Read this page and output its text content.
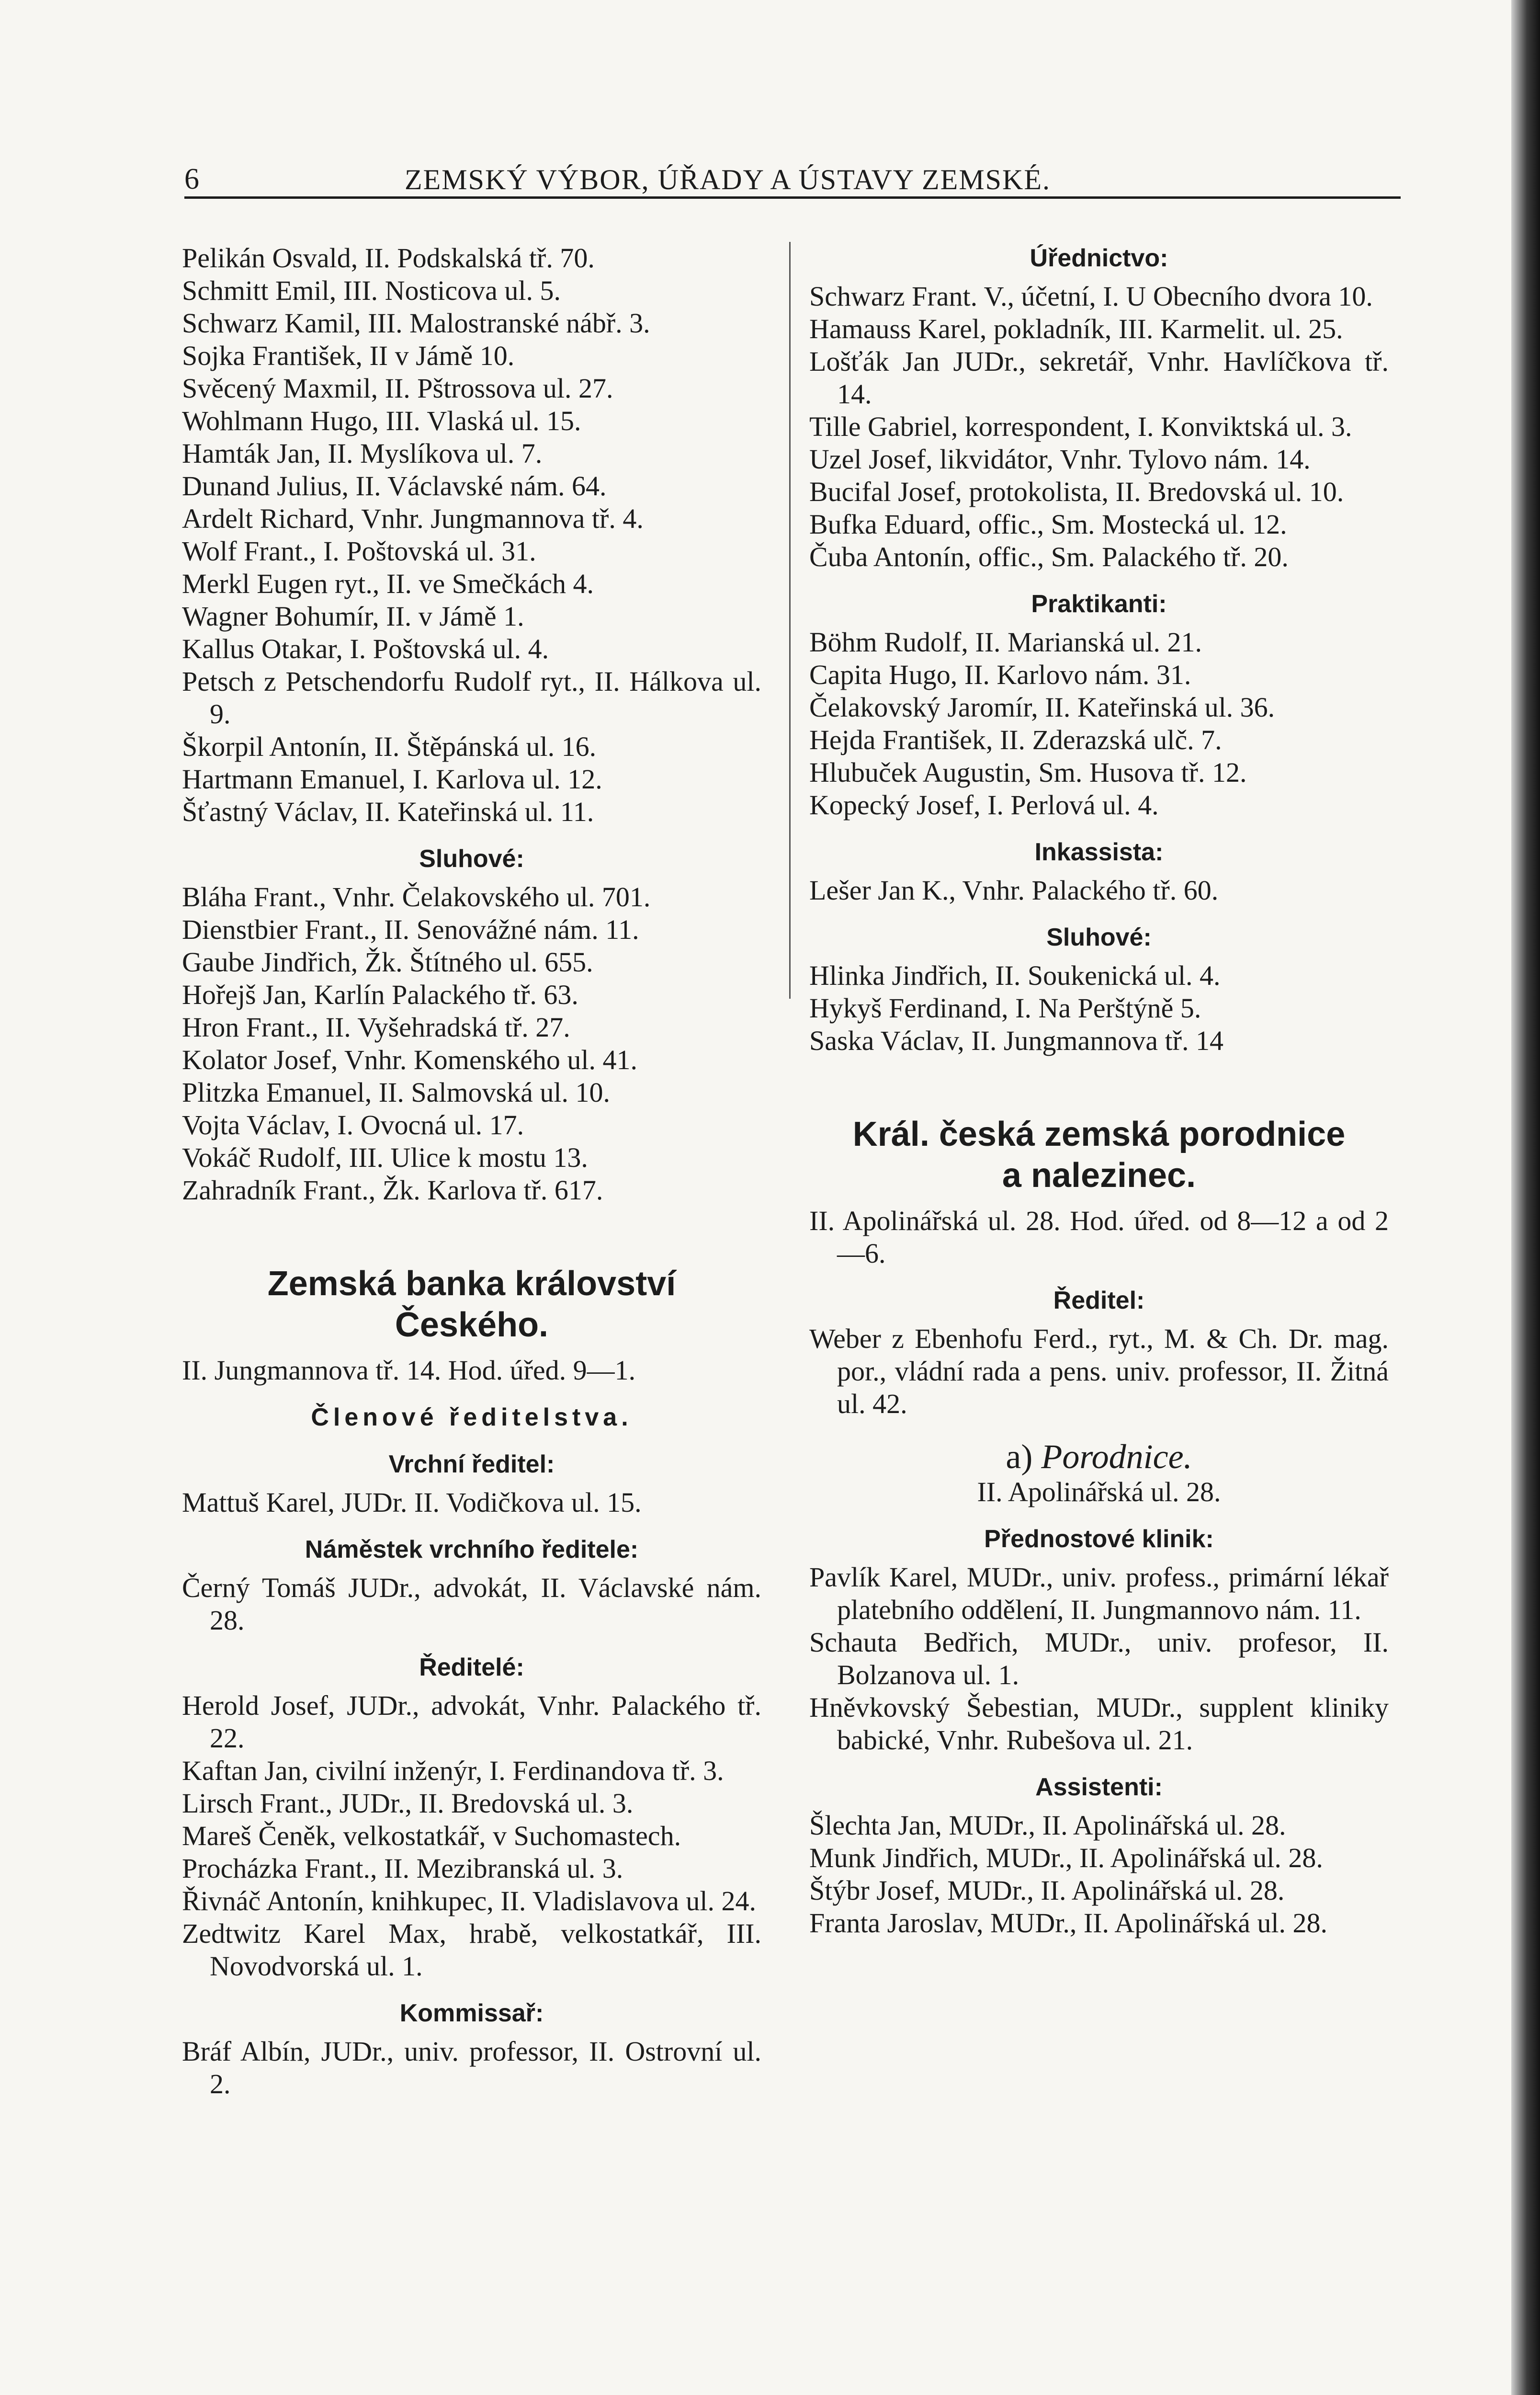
6	ZEMSKÝ VÝBOR, ÚŘADY A ÚSTAVY ZEMSKÉ.
Pelikán Osvald, II. Podskalská tř. 70.
Schmitt Emil, III. Nosticova ul. 5.
Schwarz Kamil, III. Malostranské nábř. 3.
Sojka František, II v Jámě 10.
Svěcený Maxmil, II. Pštrossova ul. 27.
Wohlmann Hugo, III. Vlaská ul. 15.
Hamták Jan, II. Myslíkova ul. 7.
Dunand Julius, II. Václavské nám. 64.
Ardelt Richard, Vnhr. Jungmannova tř. 4.
Wolf Frant., I. Poštovská ul. 31.
Merkl Eugen ryt., II. ve Smečkách 4.
Wagner Bohumír, II. v Jámě 1.
Kallus Otakar, I. Poštovská ul. 4.
Petsch z Petschendorfu Rudolf ryt., II. Hálkova ul. 9.
Škorpil Antonín, II. Štěpánská ul. 16.
Hartmann Emanuel, I. Karlova ul. 12.
Šťastný Václav, II. Kateřinská ul. 11.
Sluhové:
Bláha Frant., Vnhr. Čelakovského ul. 701.
Dienstbier Frant., II. Senovážné nám. 11.
Gaube Jindřich, Žk. Štítného ul. 655.
Hořejš Jan, Karlín Palackého tř. 63.
Hron Frant., II. Vyšehradská tř. 27.
Kolator Josef, Vnhr. Komenského ul. 41.
Plitzka Emanuel, II. Salmovská ul. 10.
Vojta Václav, I. Ovocná ul. 17.
Vokáč Rudolf, III. Ulice k mostu 13.
Zahradník Frant., Žk. Karlova tř. 617.
Zemská banka království
Českého.
II. Jungmannova tř. 14. Hod. úřed. 9—1.
Členové ředitelstva.
Vrchní ředitel:
Mattuš Karel, JUDr. II. Vodičkova ul. 15.
Náměstek vrchního ředitele:
Černý Tomáš JUDr., advokát, II. Václavské nám. 28.
Ředitelé:
Herold Josef, JUDr., advokát, Vnhr. Palackého tř. 22.
Kaftan Jan, civilní inženýr, I. Ferdinandova tř. 3.
Lirsch Frant., JUDr., II. Bredovská ul. 3.
Mareš Čeněk, velkostatkář, v Suchomastech.
Procházka Frant., II. Mezibranská ul. 3.
Řivnáč Antonín, knihkupec, II. Vladislavova ul. 24.
Zedtwitz Karel Max, hrabě, velkostatkář, III. Novodvorská ul. 1.
Kommissař:
Bráf Albín, JUDr., univ. professor, II. Ostrovní ul. 2.
Úřednictvo:
Schwarz Frant. V., účetní, I. U Obecního dvora 10.
Hamauss Karel, pokladník, III. Karmelit. ul. 25.
Lošťák Jan JUDr., sekretář, Vnhr. Havlíčkova tř. 14.
Tille Gabriel, korrespondent, I. Konviktská ul. 3.
Uzel Josef, likvidátor, Vnhr. Tylovo nám. 14.
Bucifal Josef, protokolista, II. Bredovská ul. 10.
Bufka Eduard, offic., Sm. Mostecká ul. 12.
Čuba Antonín, offic., Sm. Palackého tř. 20.
Praktikanti:
Böhm Rudolf, II. Marianská ul. 21.
Capita Hugo, II. Karlovo nám. 31.
Čelakovský Jaromír, II. Kateřinská ul. 36.
Hejda František, II. Zderazská ulč. 7.
Hlubuček Augustin, Sm. Husova tř. 12.
Kopecký Josef, I. Perlová ul. 4.
Inkassista:
Lešer Jan K., Vnhr. Palackého tř. 60.
Sluhové:
Hlinka Jindřich, II. Soukenická ul. 4.
Hykyš Ferdinand, I. Na Perštýně 5.
Saska Václav, II. Jungmannova tř. 14
Král. česká zemská porodnice
a nalezinec.
II. Apolinářská ul. 28. Hod. úřed. od 8—12 a od 2—6.
Ředitel:
Weber z Ebenhofu Ferd., ryt., M. & Ch. Dr. mag. por., vládní rada a pens. univ. professor, II. Žitná ul. 42.
a) Porodnice.
II. Apolinářská ul. 28.
Přednostové klinik:
Pavlík Karel, MUDr., univ. profess., primární lékař platebního oddělení, II. Jungmannovo nám. 11.
Schauta Bedřich, MUDr., univ. profesor, II. Bolzanova ul. 1.
Hněvkovský Šebestian, MUDr., supplent kliniky babické, Vnhr. Rubešova ul. 21.
Assistenti:
Šlechta Jan, MUDr., II. Apolinářská ul. 28.
Munk Jindřich, MUDr., II. Apolinářská ul. 28.
Štýbr Josef, MUDr., II. Apolinářská ul. 28.
Franta Jaroslav, MUDr., II. Apolinářská ul. 28.
